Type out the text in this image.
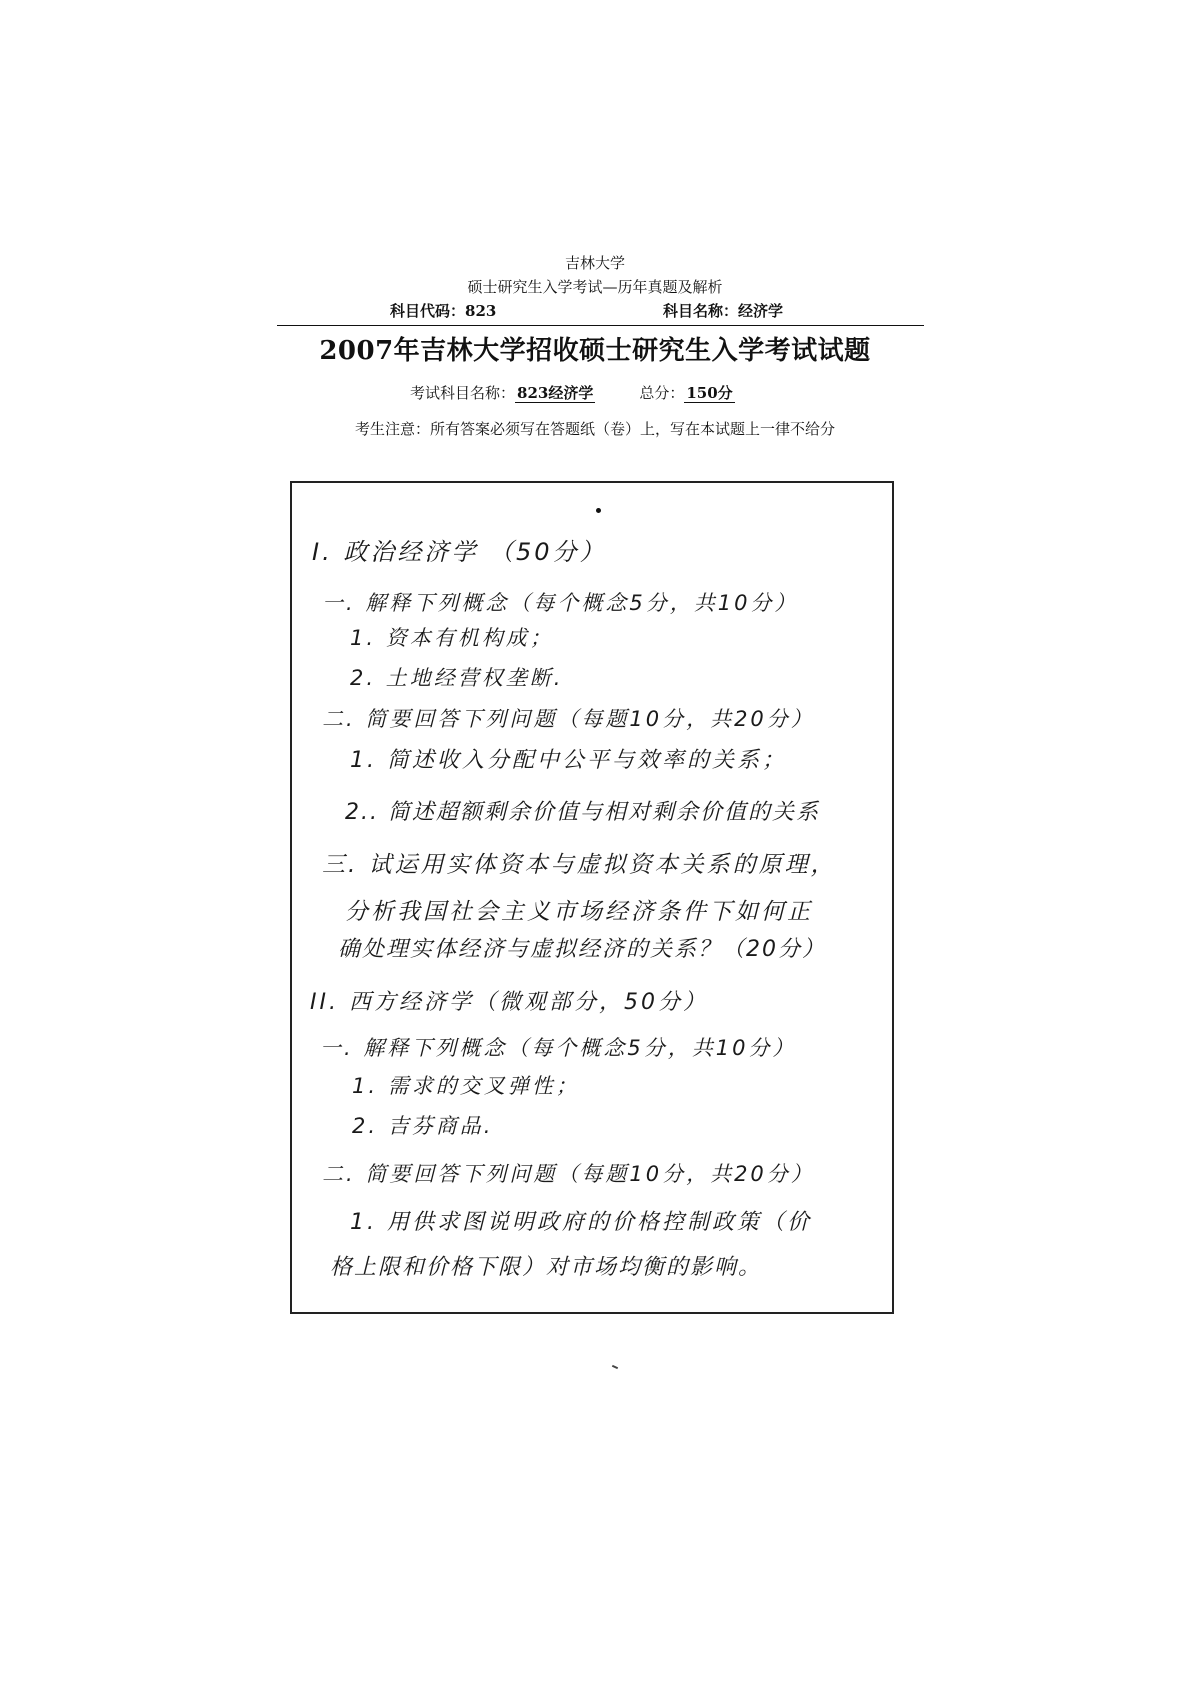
吉林大学
硕士研究生入学考试—历年真题及解析
科目代码：823	科目名称：经济学
2007年吉林大学招收硕士研究生入学考试试题
考试科目名称： 823经济学	总分： 150分
考生注意：所有答案必须写在答题纸（卷）上，写在本试题上一律不给分
I. 政治经济学 （50分）
一. 解释下列概念（每个概念5分，共10分）
1. 资本有机构成；
2. 土地经营权垄断.
二. 简要回答下列问题（每题10分，共20分）
1. 简述收入分配中公平与效率的关系；
2.. 简述超额剩余价值与相对剩余价值的关系
三. 试运用实体资本与虚拟资本关系的原理，
分析我国社会主义市场经济条件下如何正
确处理实体经济与虚拟经济的关系？（20分）
II. 西方经济学（微观部分，50分）
一. 解释下列概念（每个概念5分，共10分）
1. 需求的交叉弹性；
2. 吉芬商品.
二. 简要回答下列问题（每题10分，共20分）
1. 用供求图说明政府的价格控制政策（价
格上限和价格下限）对市场均衡的影响。
